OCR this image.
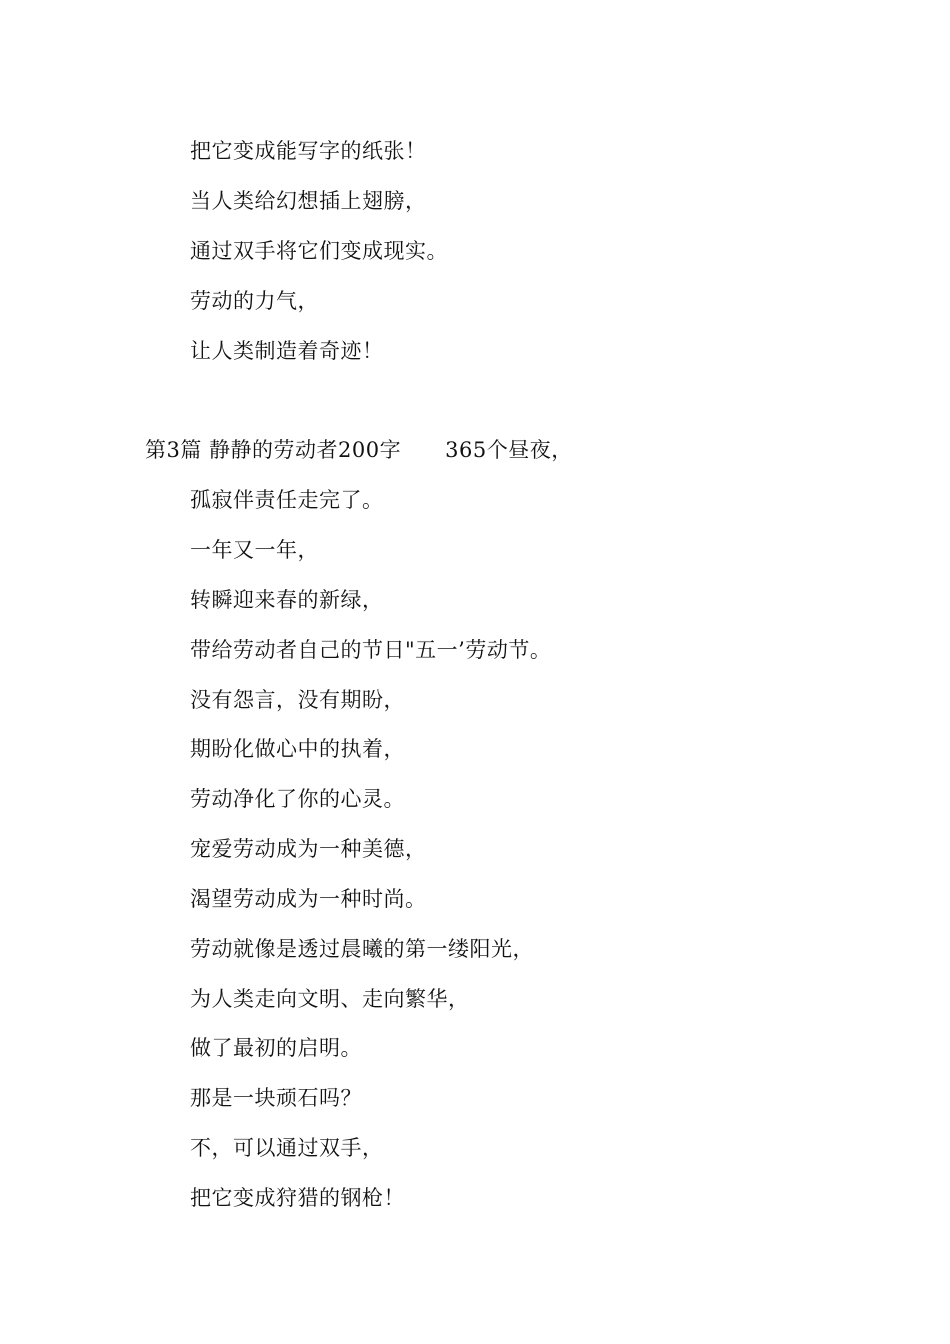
把它变成能写字的纸张！
当人类给幻想插上翅膀，
通过双手将它们变成现实。
劳动的力气，
让人类制造着奇迹！
第3篇 静静的劳动者200字 365个昼夜，
孤寂伴责任走完了。
一年又一年，
转瞬迎来春的新绿，
带给劳动者自己的节日"五一’劳动节。
没有怨言，没有期盼，
期盼化做心中的执着，
劳动净化了你的心灵。
宠爱劳动成为一种美德，
渴望劳动成为一种时尚。
劳动就像是透过晨曦的第一缕阳光，
为人类走向文明、走向繁华，
做了最初的启明。
那是一块顽石吗？
不，可以通过双手，
把它变成狩猎的钢枪！
